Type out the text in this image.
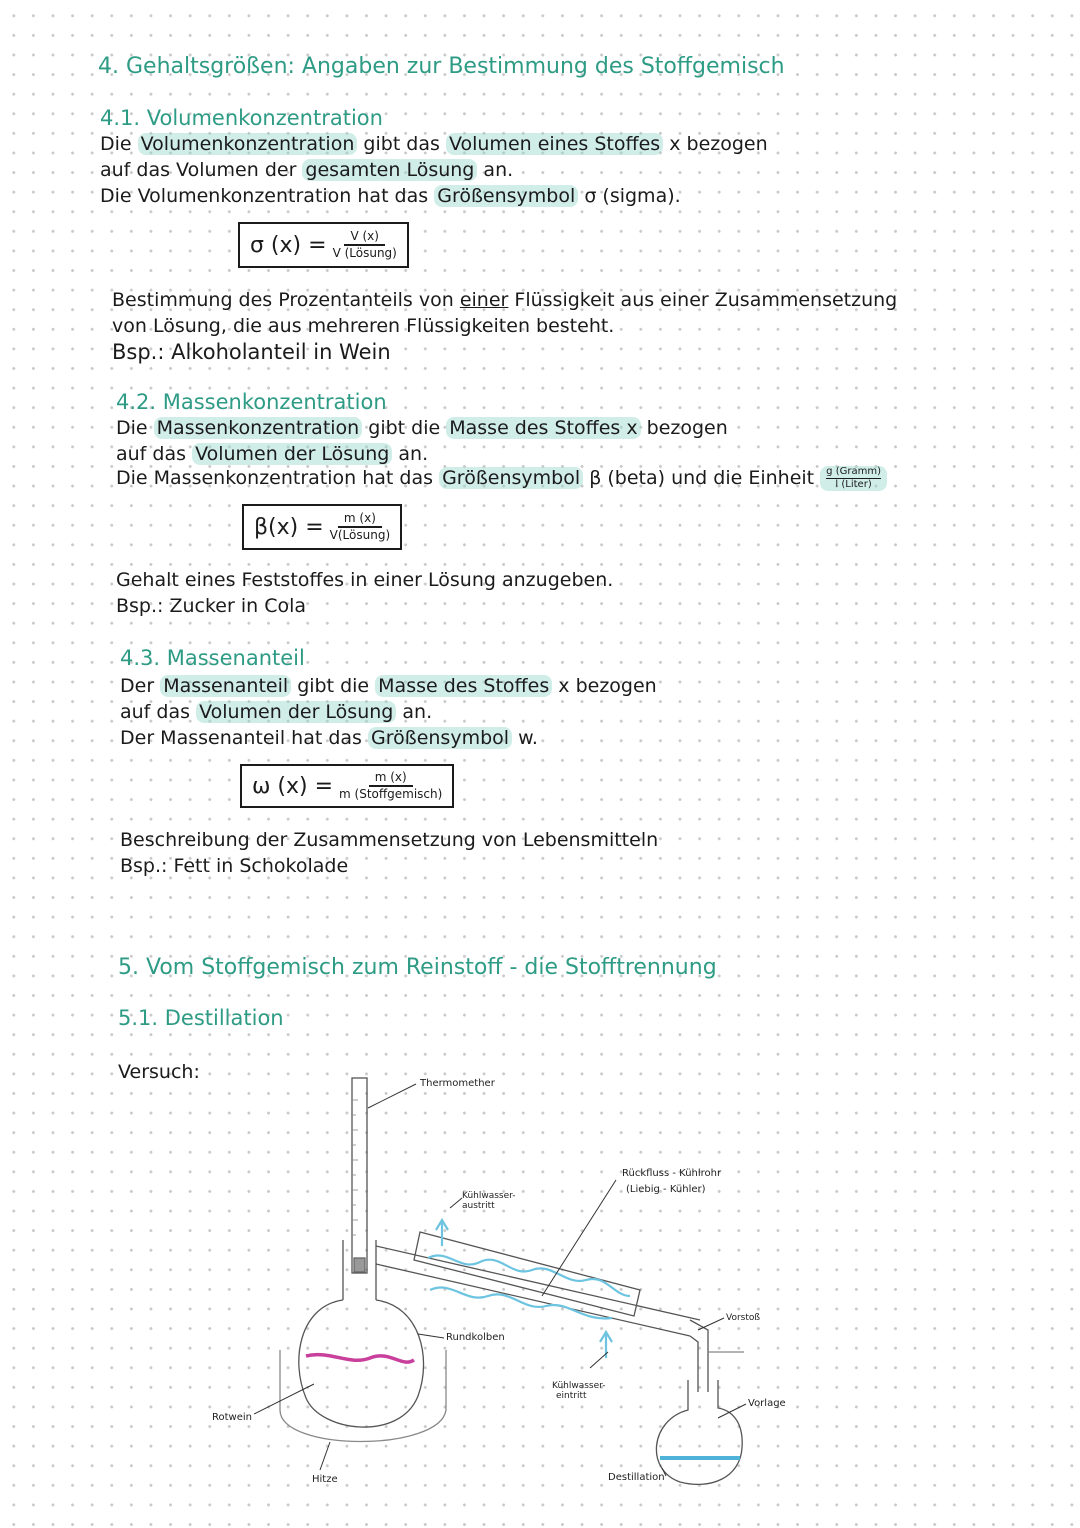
4. Gehaltsgrößen: Angaben zur Bestimmung des Stoffgemisch
4.1. Volumenkonzentration
Die Volumenkonzentration gibt das Volumen eines Stoffes x bezogen
auf das Volumen der gesamten Lösung an.
Die Volumenkonzentration hat das Größensymbol σ (sigma).
σ $(x) = \frac{V (x)}{\text{V (Lösung)}}$
Bestimmung des Prozentanteils von einer Flüssigkeit aus einer Zusammensetzung
von Lösung, die aus mehreren Flüssigkeiten besteht.
Bsp.: Alkoholanteil in Wein
4.2. Massenkonzentration
Die Massenkonzentration gibt die Masse des Stoffes x bezogen
auf das Volumen der Lösung an.
Die Massenkonzentration hat das Größensymbol β (beta) und die Einheit g (Gramm)
l (Liter)
$\beta(x) = \frac{m (x)}{\text{V(Lösung)}}$
Gehalt eines Feststoffes in einer Lösung anzugeben.
Bsp.: Zucker in Cola
4.3. Massenanteil
Der Massenanteil gibt die Masse des Stoffes x bezogen
auf das Volumen der Lösung an.
Der Massenanteil hat das Größensymbol w.
ω $(x) = \frac{m (x)}{\text{m (Stoffgemisch)}}$
Beschreibung der Zusammensetzung von Lebensmitteln
Bsp.: Fett in Schokolade
5. Vom Stoffgemisch zum Reinstoff - die Stofftrennung
5.1. Destillation
Versuch:
Thermomether
Rückfluss - Kühlrohr
(Liebig - Kühler)
Kühlwasser-
austritt
Vorstoß
Rundkolben
Kühlwasser-
eintritt
Vorlage
Rotwein
Hitze	Destillation
